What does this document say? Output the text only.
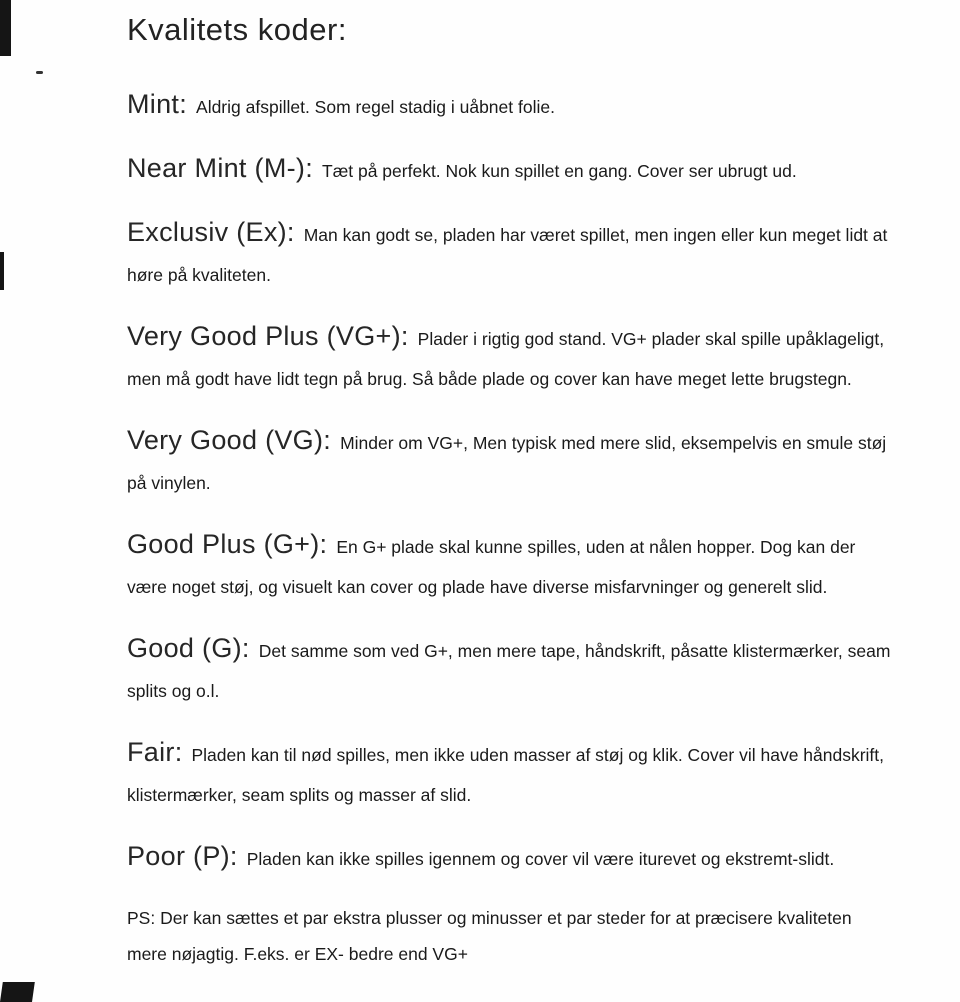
Kvalitets koder:

Mint: Aldrig afspillet. Som regel stadig i uåbnet folie.

Near Mint (M-): Tæt på perfekt. Nok kun spillet en gang. Cover ser ubrugt ud.

Exclusiv (Ex): Man kan godt se, pladen har været spillet, men ingen eller kun meget lidt at høre på kvaliteten.

Very Good Plus (VG+): Plader i rigtig god stand. VG+ plader skal spille upåklageligt, men må godt have lidt tegn på brug. Så både plade og cover kan have meget lette brugstegn.

Very Good (VG): Minder om VG+, Men typisk med mere slid, eksempelvis en smule støj på vinylen.

Good Plus (G+): En G+ plade skal kunne spilles, uden at nålen hopper. Dog kan der være noget støj, og visuelt kan cover og plade have diverse misfarvninger og generelt slid.

Good (G): Det samme som ved G+, men mere tape, håndskrift, påsatte klistermærker, seam splits og o.l.

Fair: Pladen kan til nød spilles, men ikke uden masser af støj og klik. Cover vil have håndskrift, klistermærker, seam splits og masser af slid.

Poor (P): Pladen kan ikke spilles igennem og cover vil være iturevet og ekstremt-slidt.

PS: Der kan sættes et par ekstra plusser og minusser et par steder for at præcisere kvaliteten mere nøjagtig. F.eks. er EX- bedre end VG+
